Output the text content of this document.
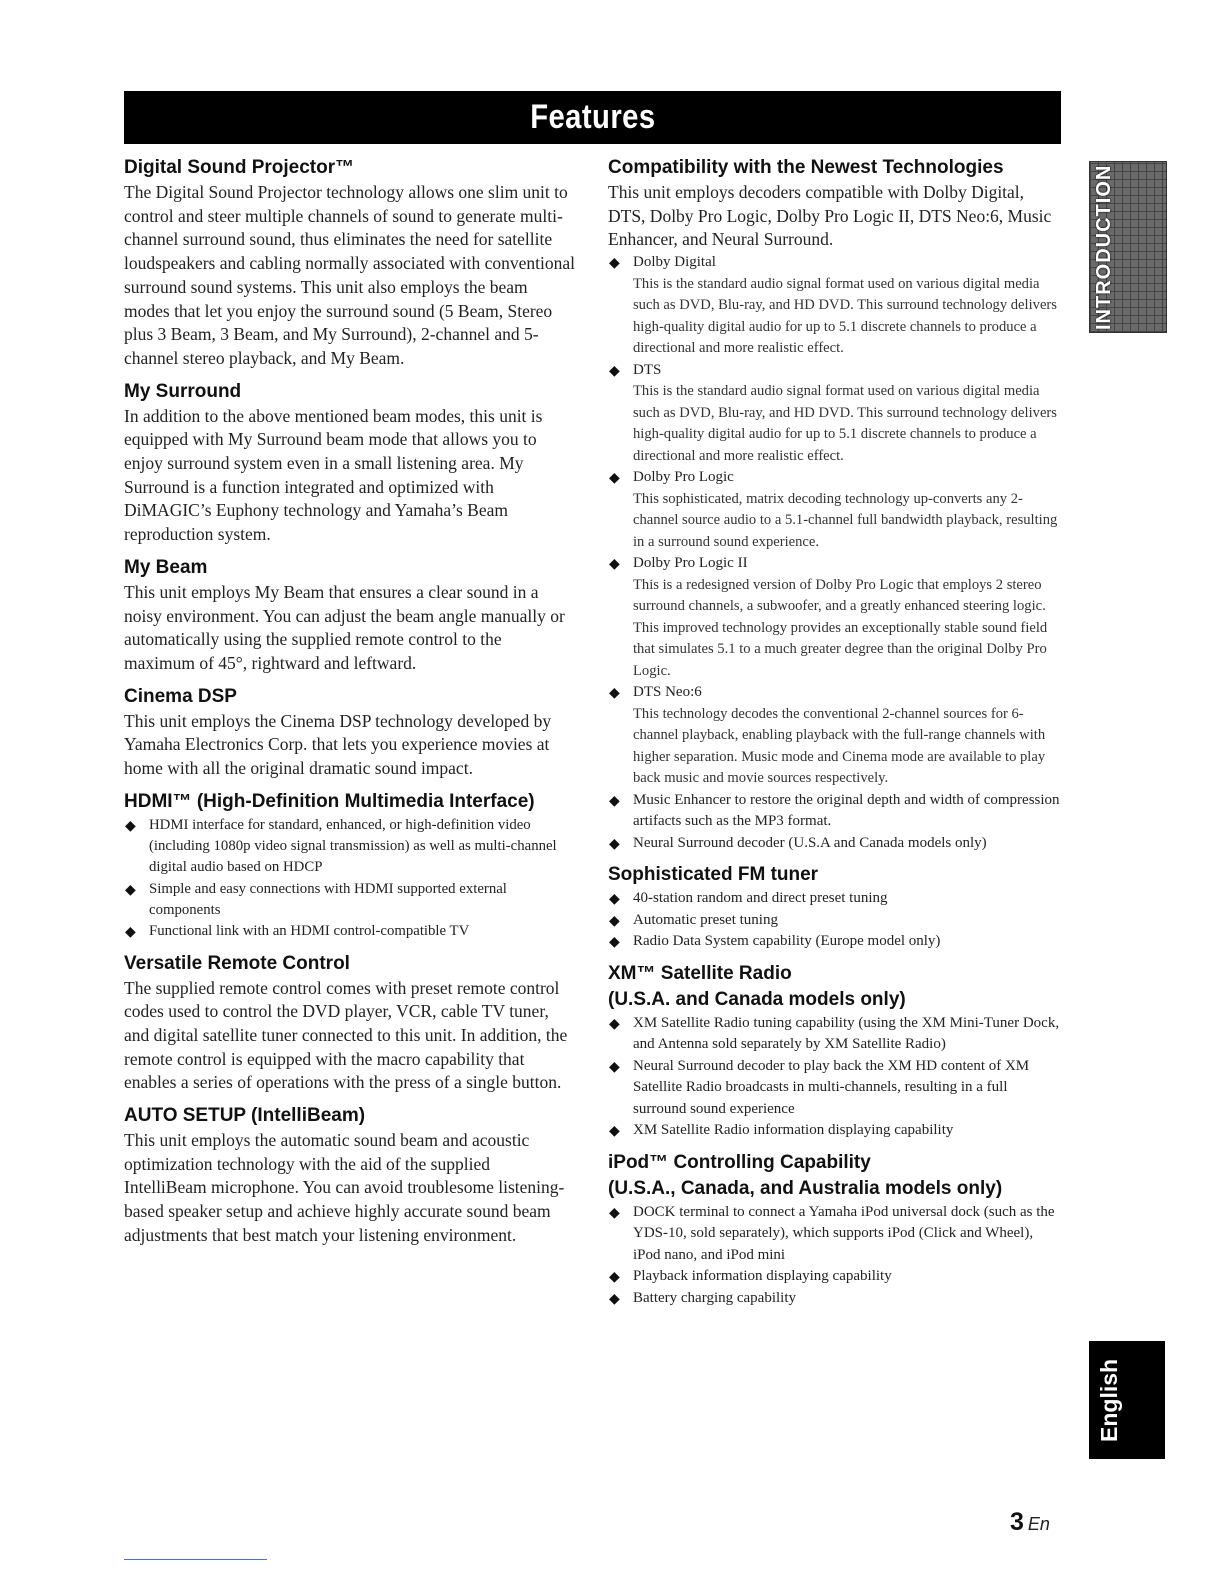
Features
Digital Sound Projector™

The Digital Sound Projector technology allows one slim unit to control and steer multiple channels of sound to generate multi-channel surround sound, thus eliminates the need for satellite loudspeakers and cabling normally associated with conventional surround sound systems. This unit also employs the beam modes that let you enjoy the surround sound (5 Beam, Stereo plus 3 Beam, 3 Beam, and My Surround), 2-channel and 5-channel stereo playback, and My Beam.

My Surround

In addition to the above mentioned beam modes, this unit is equipped with My Surround beam mode that allows you to enjoy surround system even in a small listening area. My Surround is a function integrated and optimized with DiMAGIC’s Euphony technology and Yamaha’s Beam reproduction system.

My Beam

This unit employs My Beam that ensures a clear sound in a noisy environment. You can adjust the beam angle manually or automatically using the supplied remote control to the maximum of 45°, rightward and leftward.

Cinema DSP

This unit employs the Cinema DSP technology developed by Yamaha Electronics Corp. that lets you experience movies at home with all the original dramatic sound impact.

HDMI™ (High-Definition Multimedia Interface)
◆ HDMI interface for standard, enhanced, or high-definition video (including 1080p video signal transmission) as well as multi-channel digital audio based on HDCP
◆ Simple and easy connections with HDMI supported external components
◆ Functional link with an HDMI control-compatible TV
Versatile Remote Control

The supplied remote control comes with preset remote control codes used to control the DVD player, VCR, cable TV tuner, and digital satellite tuner connected to this unit. In addition, the remote control is equipped with the macro capability that enables a series of operations with the press of a single button.

AUTO SETUP (IntelliBeam)

This unit employs the automatic sound beam and acoustic optimization technology with the aid of the supplied IntelliBeam microphone. You can avoid troublesome listening-based speaker setup and achieve highly accurate sound beam adjustments that best match your listening environment.

Compatibility with the Newest Technologies

This unit employs decoders compatible with Dolby Digital, DTS, Dolby Pro Logic, Dolby Pro Logic II, DTS Neo:6, Music Enhancer, and Neural Surround.

◆ Dolby Digital
This is the standard audio signal format used on various digital media such as DVD, Blu-ray, and HD DVD. This surround technology delivers high-quality digital audio for up to 5.1 discrete channels to produce a directional and more realistic effect.
◆ DTS
This is the standard audio signal format used on various digital media such as DVD, Blu-ray, and HD DVD. This surround technology delivers high-quality digital audio for up to 5.1 discrete channels to produce a directional and more realistic effect.
◆ Dolby Pro Logic
This sophisticated, matrix decoding technology up-converts any 2-channel source audio to a 5.1-channel full bandwidth playback, resulting in a surround sound experience.
◆ Dolby Pro Logic II
This is a redesigned version of Dolby Pro Logic that employs 2 stereo surround channels, a subwoofer, and a greatly enhanced steering logic. This improved technology provides an exceptionally stable sound field that simulates 5.1 to a much greater degree than the original Dolby Pro Logic.
◆ DTS Neo:6
This technology decodes the conventional 2-channel sources for 6-channel playback, enabling playback with the full-range channels with higher separation. Music mode and Cinema mode are available to play back music and movie sources respectively.
◆ Music Enhancer to restore the original depth and width of compression artifacts such as the MP3 format.
◆ Neural Surround decoder (U.S.A and Canada models only)
Sophisticated FM tuner
◆ 40-station random and direct preset tuning
◆ Automatic preset tuning
◆ Radio Data System capability (Europe model only)
XM™ Satellite Radio
(U.S.A. and Canada models only)
◆ XM Satellite Radio tuning capability (using the XM Mini-Tuner Dock, and Antenna sold separately by XM Satellite Radio)
◆ Neural Surround decoder to play back the XM HD content of XM Satellite Radio broadcasts in multi-channels, resulting in a full surround sound experience
◆ XM Satellite Radio information displaying capability
iPod™ Controlling Capability
(U.S.A., Canada, and Australia models only)
◆ DOCK terminal to connect a Yamaha iPod universal dock (such as the YDS-10, sold separately), which supports iPod (Click and Wheel), iPod nano, and iPod mini
◆ Playback information displaying capability
◆ Battery charging capability
INTRODUCTION
English
3 En
